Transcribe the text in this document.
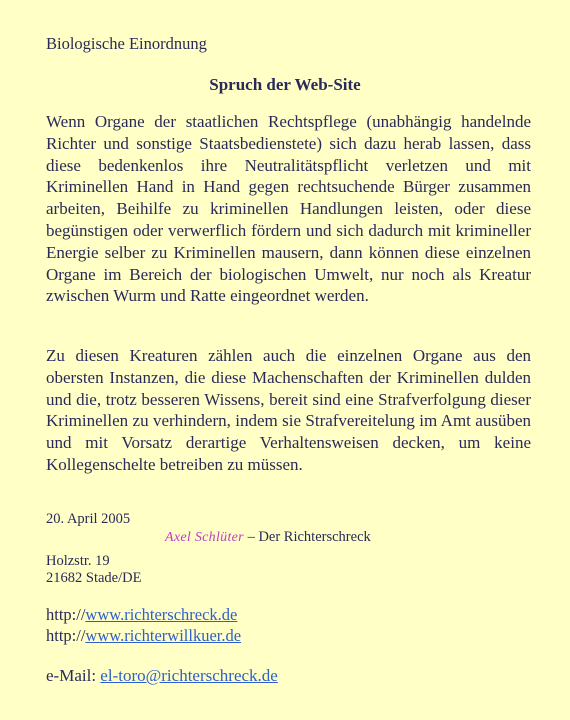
Biologische Einordnung
Spruch der Web-Site
Wenn Organe der staatlichen Rechtspflege (unabhängig handelnde Richter und sonstige Staatsbedienstete) sich dazu herab lassen, dass diese bedenkenlos ihre Neutralitätspflicht verletzen und mit Kriminellen Hand in Hand gegen rechtsuchende Bürger zusammen arbeiten, Beihilfe zu kriminellen Handlungen leisten, oder diese begünstigen oder verwerflich fördern und sich dadurch mit krimineller Energie selber zu Kriminellen mausern, dann können diese einzelnen Organe im Bereich der biologischen Umwelt, nur noch als Kreatur zwischen Wurm und Ratte eingeordnet werden.
Zu diesen Kreaturen zählen auch die einzelnen Organe aus den obersten Instanzen, die diese Machenschaften der Kriminellen dulden und die, trotz besseren Wissens, bereit sind eine Strafverfolgung dieser Kriminellen zu verhindern, indem sie Strafvereitelung im Amt ausüben und mit Vorsatz derartige Verhaltensweisen decken, um keine Kollegenschelte betreiben zu müssen.
20. April 2005
Axel Schlüter – Der Richterschreck
Holzstr. 19
21682 Stade/DE
http://www.richterschreck.de
http://www.richterwillkuer.de
e-Mail: el-toro@richterschreck.de
